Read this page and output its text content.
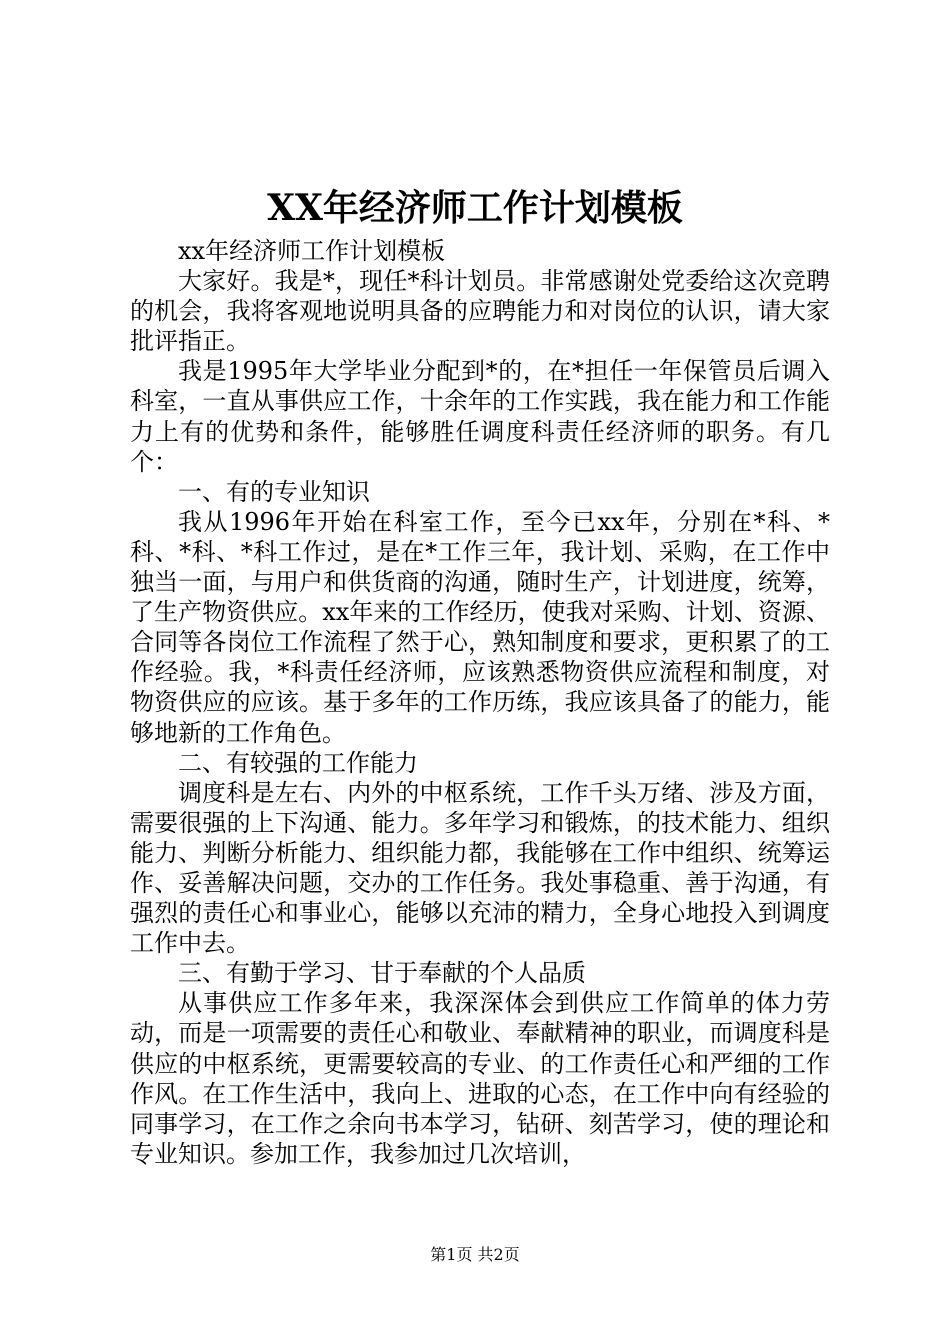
XX年经济师工作计划模板

xx年经济师工作计划模板

大家好。我是*，现任*科计划员。非常感谢处党委给这次竞聘的机会，我将客观地说明具备的应聘能力和对岗位的认识，请大家批评指正。

我是1995年大学毕业分配到*的，在*担任一年保管员后调入科室，一直从事供应工作，十余年的工作实践，我在能力和工作能力上有的优势和条件，能够胜任调度科责任经济师的职务。有几个：

一、有的专业知识

我从1996年开始在科室工作，至今已xx年，分别在*科、*科、*科、*科工作过，是在*工作三年，我计划、采购，在工作中独当一面，与用户和供货商的沟通，随时生产，计划进度，统筹，了生产物资供应。xx年来的工作经历，使我对采购、计划、资源、合同等各岗位工作流程了然于心，熟知制度和要求，更积累了的工作经验。我，*科责任经济师，应该熟悉物资供应流程和制度，对物资供应的应该。基于多年的工作历练，我应该具备了的能力，能够地新的工作角色。

二、有较强的工作能力

调度科是左右、内外的中枢系统，工作千头万绪、涉及方面，需要很强的上下沟通、能力。多年学习和锻炼，的技术能力、组织能力、判断分析能力、组织能力都，我能够在工作中组织、统筹运作、妥善解决问题，交办的工作任务。我处事稳重、善于沟通，有强烈的责任心和事业心，能够以充沛的精力，全身心地投入到调度工作中去。

三、有勤于学习、甘于奉献的个人品质

从事供应工作多年来，我深深体会到供应工作简单的体力劳动，而是一项需要的责任心和敬业、奉献精神的职业，而调度科是供应的中枢系统，更需要较高的专业、的工作责任心和严细的工作作风。在工作生活中，我向上、进取的心态，在工作中向有经验的同事学习，在工作之余向书本学习，钻研、刻苦学习，使的理论和专业知识。参加工作，我参加过几次培训，

第1页 共2页
